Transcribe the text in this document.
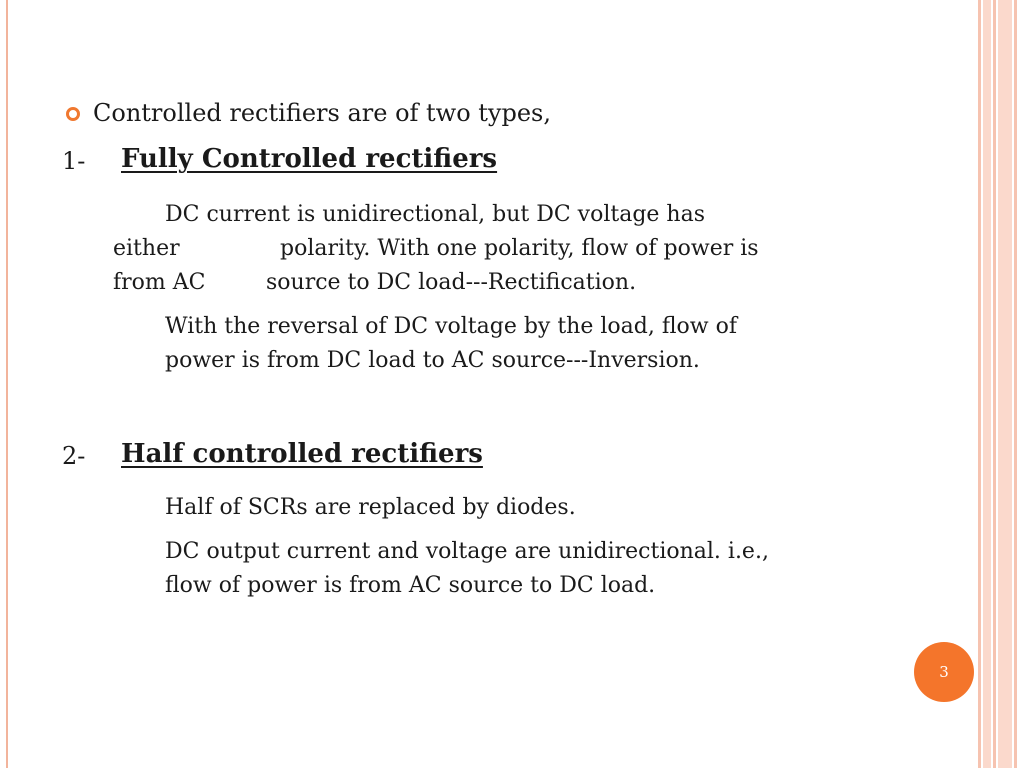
Controlled rectifiers are of two types,
1- Fully Controlled rectifiers
DC current is unidirectional, but DC voltage has
either	polarity. With one polarity, flow of power is
from AC	source to DC load---Rectification.
With the reversal of DC voltage by the load, flow of
power is from DC load to AC source---Inversion.
2- Half controlled rectifiers
Half of SCRs are replaced by diodes.
DC output current and voltage are unidirectional. i.e.,
flow of power is from AC source to DC load.
3
